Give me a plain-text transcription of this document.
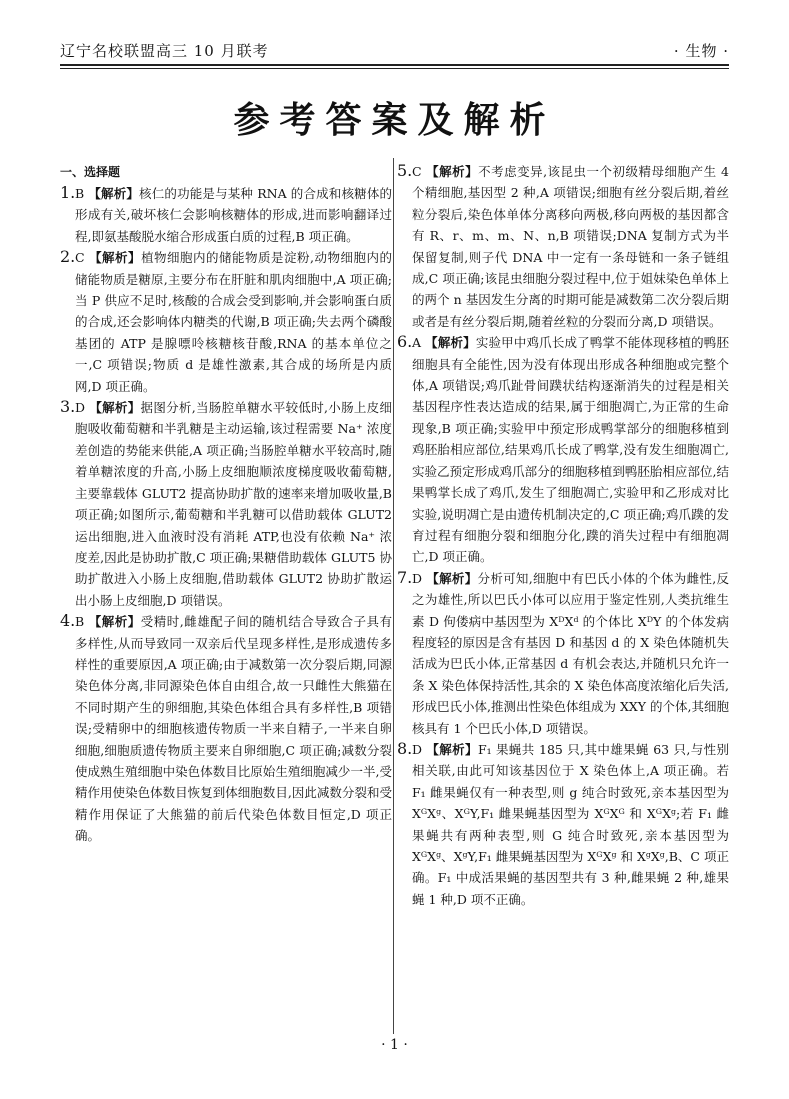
辽宁名校联盟高三 10 月联考	· 生物 ·
参考答案及解析

一、选择题

1. B 【解析】核仁的功能是与某种 RNA 的合成和核糖体的形成有关,破坏核仁会影响核糖体的形成,进而影响翻译过程,即氨基酸脱水缩合形成蛋白质的过程,B 项正确。

2. C 【解析】植物细胞内的储能物质是淀粉,动物细胞内的储能物质是糖原,主要分布在肝脏和肌肉细胞中,A 项正确;当 P 供应不足时,核酸的合成会受到影响,并会影响蛋白质的合成,还会影响体内糖类的代谢,B 项正确;失去两个磷酸基团的 ATP 是腺嘌呤核糖核苷酸,RNA 的基本单位之一,C 项错误;物质 d 是雄性激素,其合成的场所是内质网,D 项正确。

3. D 【解析】据图分析,当肠腔单糖水平较低时,小肠上皮细胞吸收葡萄糖和半乳糖是主动运输,该过程需要 Na⁺ 浓度差创造的势能来供能,A 项正确;当肠腔单糖水平较高时,随着单糖浓度的升高,小肠上皮细胞顺浓度梯度吸收葡萄糖,主要靠载体 GLUT2 提高协助扩散的速率来增加吸收量,B 项正确;如图所示,葡萄糖和半乳糖可以借助载体 GLUT2 运出细胞,进入血液时没有消耗 ATP,也没有依赖 Na⁺ 浓度差,因此是协助扩散,C 项正确;果糖借助载体 GLUT5 协助扩散进入小肠上皮细胞,借助载体 GLUT2 协助扩散运出小肠上皮细胞,D 项错误。

4. B 【解析】受精时,雌雄配子间的随机结合导致合子具有多样性,从而导致同一双亲后代呈现多样性,是形成遗传多样性的重要原因,A 项正确;由于减数第一次分裂后期,同源染色体分离,非同源染色体自由组合,故一只雌性大熊猫在不同时期产生的卵细胞,其染色体组合具有多样性,B 项错误;受精卵中的细胞核遗传物质一半来自精子,一半来自卵细胞,细胞质遗传物质主要来自卵细胞,C 项正确;减数分裂使成熟生殖细胞中染色体数目比原始生殖细胞减少一半,受精作用使染色体数目恢复到体细胞数目,因此减数分裂和受精作用保证了大熊猫的前后代染色体数目恒定,D 项正确。

5. C 【解析】不考虑变异,该昆虫一个初级精母细胞产生 4 个精细胞,基因型 2 种,A 项错误;细胞有丝分裂后期,着丝粒分裂后,染色体单体分离移向两极,移向两极的基因都含有 R、r、m、m、N、n,B 项错误;DNA 复制方式为半保留复制,则子代 DNA 中一定有一条母链和一条子链组成,C 项正确;该昆虫细胞分裂过程中,位于姐妹染色单体上的两个 n 基因发生分离的时期可能是减数第二次分裂后期或者是有丝分裂后期,随着丝粒的分裂而分离,D 项错误。

6. A 【解析】实验甲中鸡爪长成了鸭掌不能体现移植的鸭胚细胞具有全能性,因为没有体现出形成各种细胞或完整个体,A 项错误;鸡爪趾骨间蹼状结构逐渐消失的过程是相关基因程序性表达造成的结果,属于细胞凋亡,为正常的生命现象,B 项正确;实验甲中预定形成鸭掌部分的细胞移植到鸡胚胎相应部位,结果鸡爪长成了鸭掌,没有发生细胞凋亡,实验乙预定形成鸡爪部分的细胞移植到鸭胚胎相应部位,结果鸭掌长成了鸡爪,发生了细胞凋亡,实验甲和乙形成对比实验,说明凋亡是由遗传机制决定的,C 项正确;鸡爪蹼的发育过程有细胞分裂和细胞分化,蹼的消失过程中有细胞凋亡,D 项正确。

7. D 【解析】分析可知,细胞中有巴氏小体的个体为雌性,反之为雄性,所以巴氏小体可以应用于鉴定性别,人类抗维生素 D 佝偻病中基因型为 XᴰXᵈ 的个体比 XᴰY 的个体发病程度轻的原因是含有基因 D 和基因 d 的 X 染色体随机失活成为巴氏小体,正常基因 d 有机会表达,并随机只允许一条 X 染色体保持活性,其余的 X 染色体高度浓缩化后失活,形成巴氏小体,推测出性染色体组成为 XXY 的个体,其细胞核具有 1 个巴氏小体,D 项错误。

8. D 【解析】F₁ 果蝇共 185 只,其中雄果蝇 63 只,与性别相关联,由此可知该基因位于 X 染色体上,A 项正确。若 F₁ 雌果蝇仅有一种表型,则 g 纯合时致死,亲本基因型为 XᴳXᵍ、XᴳY,F₁ 雌果蝇基因型为 XᴳXᴳ 和 XᴳXᵍ;若 F₁ 雌果蝇共有两种表型,则 G 纯合时致死,亲本基因型为 XᴳXᵍ、XᵍY,F₁ 雌果蝇基因型为 XᴳXᵍ 和 XᵍXᵍ,B、C 项正确。F₁ 中成活果蝇的基因型共有 3 种,雌果蝇 2 种,雄果蝇 1 种,D 项不正确。

· 1 ·
